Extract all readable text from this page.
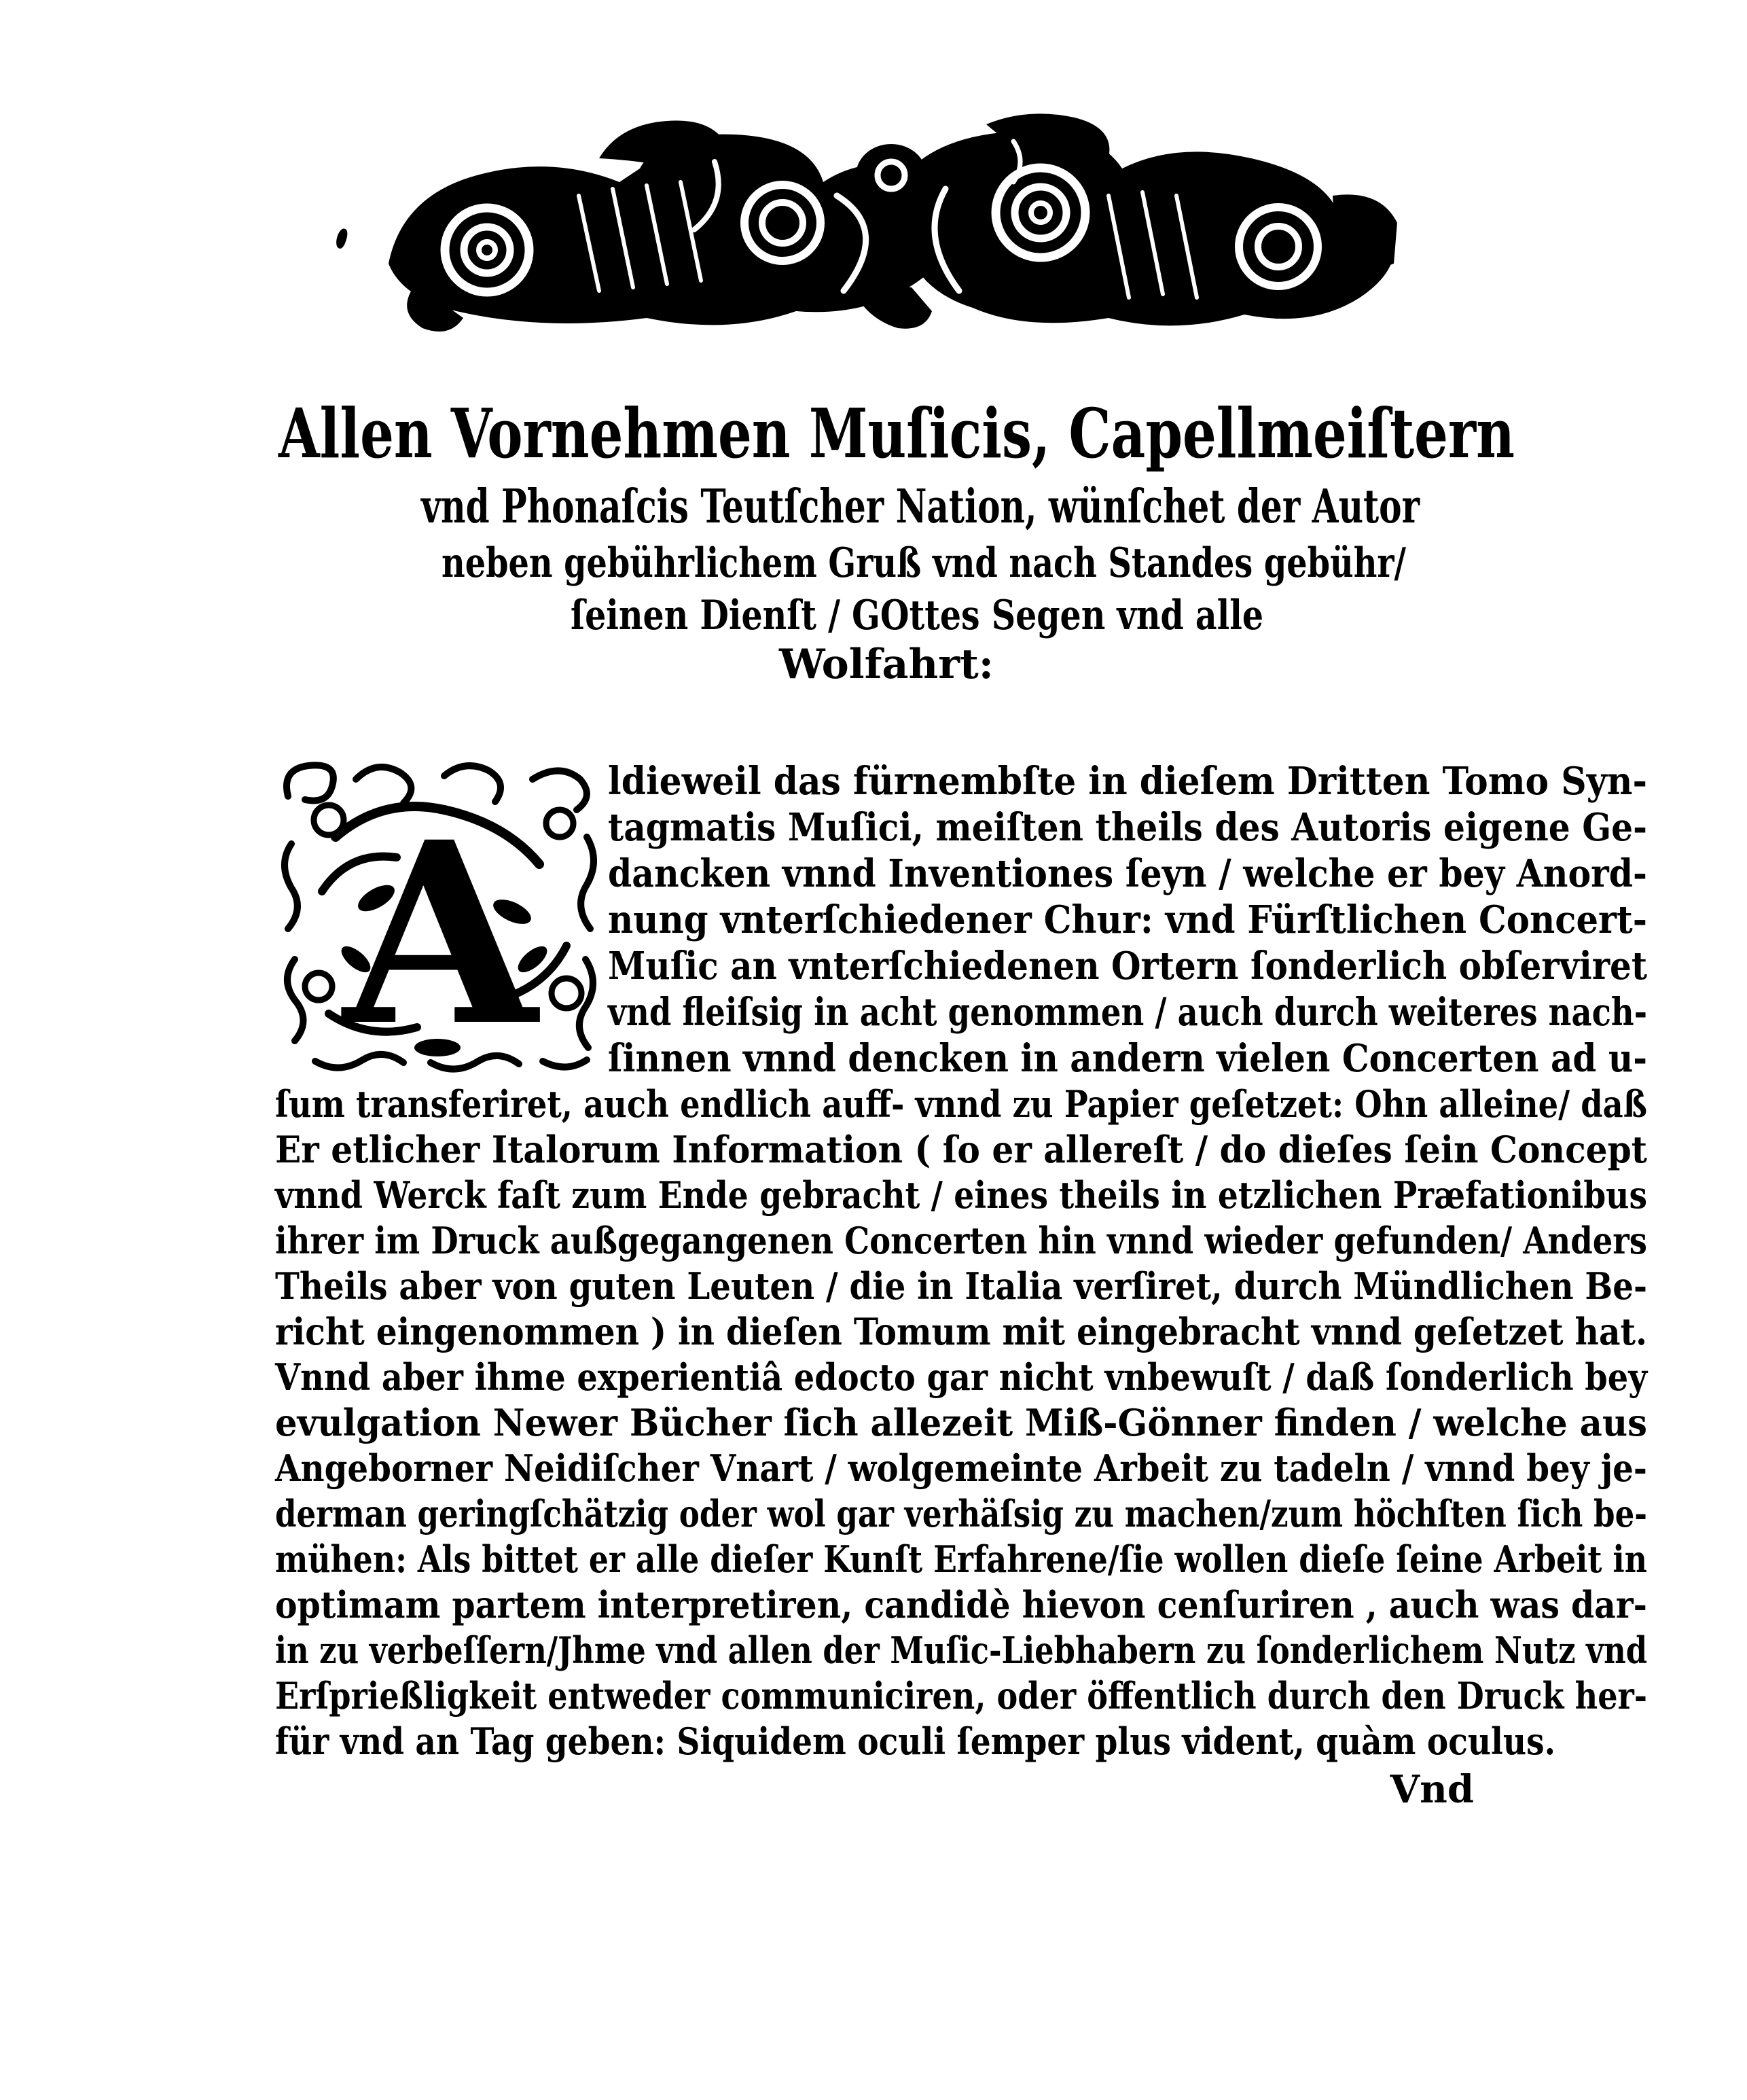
Allen Vornehmen Muſicis, Capellmeiſtern
vnd Phonaſcis Teutſcher Nation, wünſchet der Autor
neben gebührlichem Gruß vnd nach Standes gebühr/
ſeinen Dienſt / GOttes Segen vnd alle
Wolfahrt:
A
ldieweil das fürnembſte in dieſem Dritten Tomo Syn-
tagmatis Muſici, meiſten theils des Autoris eigene Ge-
dancken vnnd Inventiones ſeyn / welche er bey Anord-
nung vnterſchiedener Chur: vnd Fürſtlichen Concert-
Muſic an vnterſchiedenen Ortern ſonderlich obſerviret
vnd fleiſsig in acht genommen / auch durch weiteres nach-
ſinnen vnnd dencken in andern vielen Concerten ad u-
ſum transferiret, auch endlich auff- vnnd zu Papier geſetzet: Ohn alleine/ daß
Er etlicher Italorum Information ( ſo er allereſt / do dieſes ſein Concept
vnnd Werck faſt zum Ende gebracht / eines theils in etzlichen Præfationibus
ihrer im Druck außgegangenen Concerten hin vnnd wieder gefunden/ Anders
Theils aber von guten Leuten / die in Italia verſiret, durch Mündlichen Be-
richt eingenommen ) in dieſen Tomum mit eingebracht vnnd geſetzet hat.
Vnnd aber ihme experientiâ edocto gar nicht vnbewuſt / daß ſonderlich bey
evulgation Newer Bücher ſich allezeit Miß-Gönner finden / welche aus
Angeborner Neidiſcher Vnart / wolgemeinte Arbeit zu tadeln / vnnd bey je-
derman geringſchätzig oder wol gar verhäſsig zu machen/zum höchſten ſich be-
mühen: Als bittet er alle dieſer Kunſt Erfahrene/ſie wollen dieſe ſeine Arbeit in
optimam partem interpretiren, candidè hievon cenſuriren , auch was dar-
in zu verbeſſern/Jhme vnd allen der Muſic-Liebhabern zu ſonderlichem Nutz vnd
Erſprießligkeit entweder communiciren, oder öffentlich durch den Druck her-
für vnd an Tag geben: Siquidem oculi ſemper plus vident, quàm oculus.
Vnd
